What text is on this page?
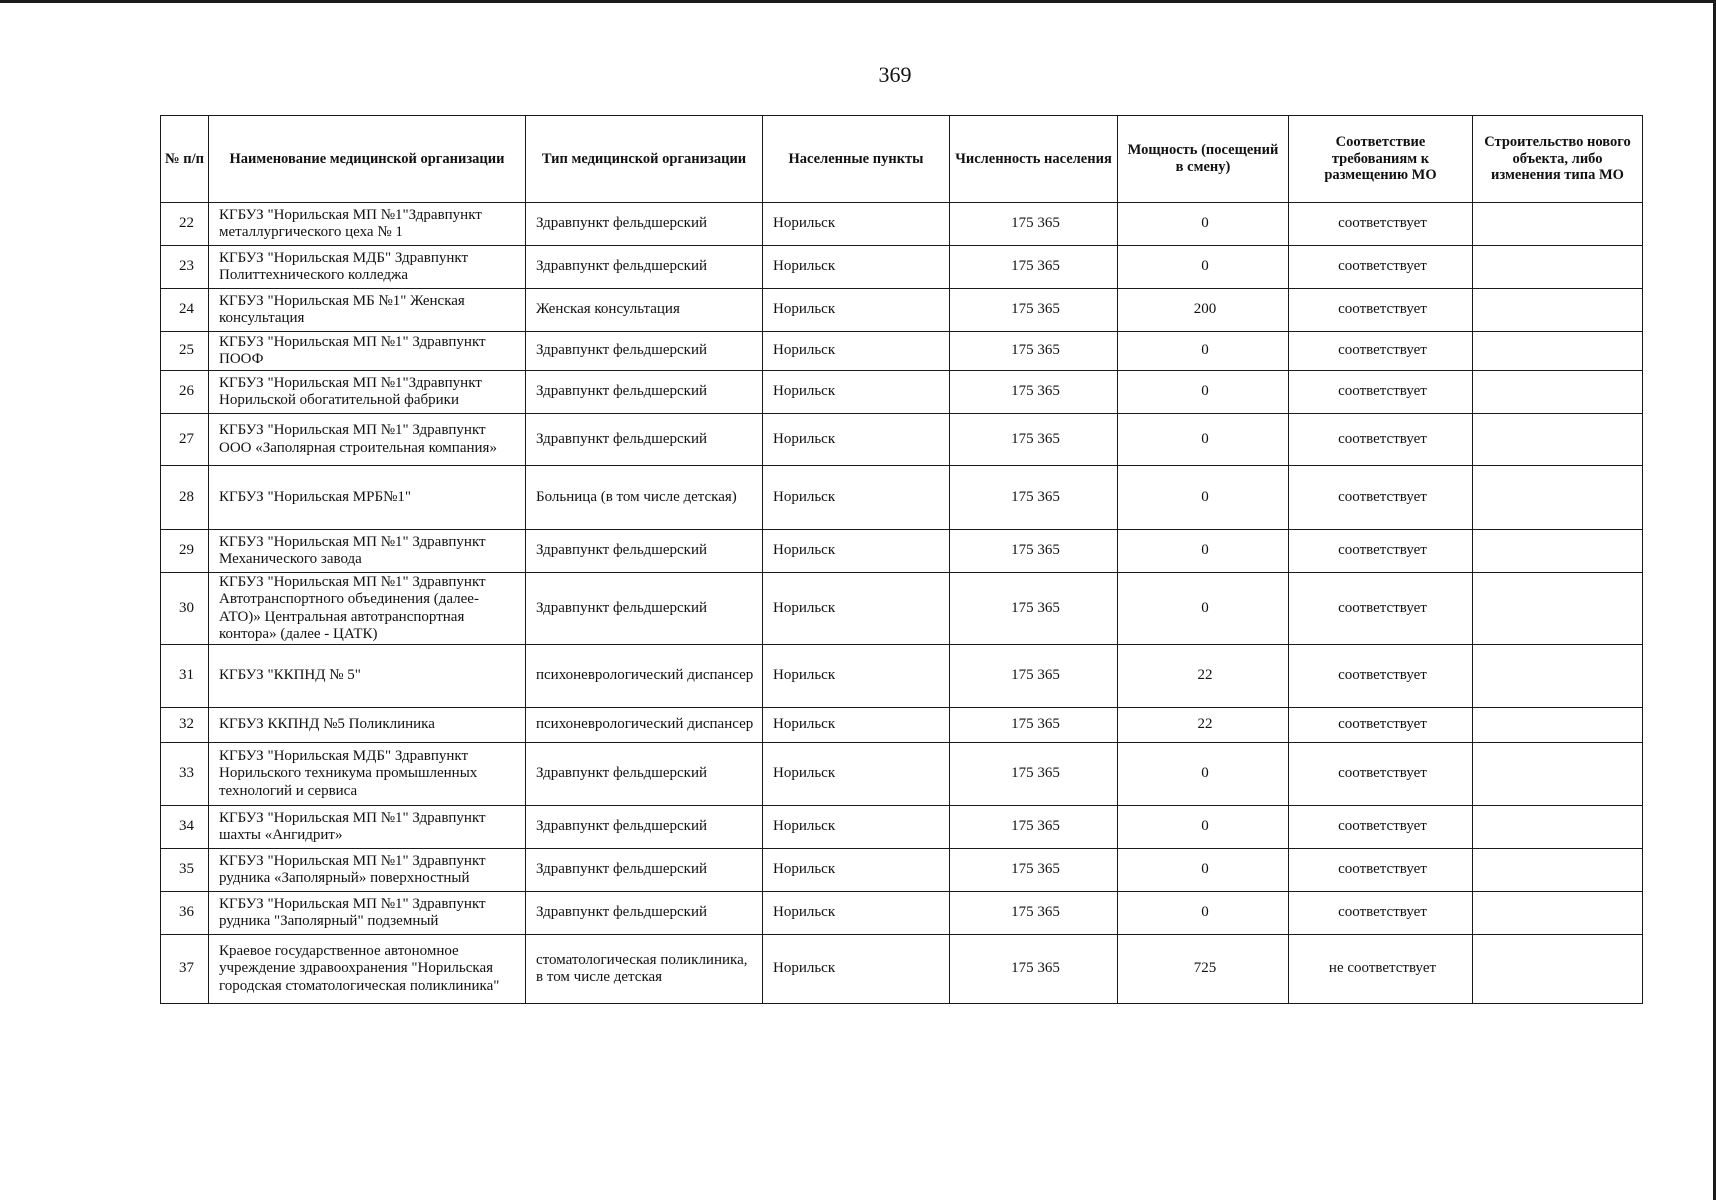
369
№ п/п	Наименование медицинской организации	Тип медицинской организации	Населенные пункты	Численность населения	Мощность (посещений в смену)	Соответствие требованиям к размещению МО	Строительство нового объекта, либо изменения типа МО
22	КГБУЗ "Норильская МП №1"Здравпункт металлургического цеха № 1	Здравпункт фельдшерский	Норильск	175 365	0	соответствует	
23	КГБУЗ "Норильская МДБ" Здравпункт Политтехнического колледжа	Здравпункт фельдшерский	Норильск	175 365	0	соответствует	
24	КГБУЗ "Норильская МБ №1" Женская консультация	Женская консультация	Норильск	175 365	200	соответствует	
25	КГБУЗ "Норильская МП №1" Здравпункт ПООФ	Здравпункт фельдшерский	Норильск	175 365	0	соответствует	
26	КГБУЗ "Норильская МП №1"Здравпункт Норильской обогатительной фабрики	Здравпункт фельдшерский	Норильск	175 365	0	соответствует	
27	КГБУЗ "Норильская МП №1" Здравпункт ООО «Заполярная строительная компания»	Здравпункт фельдшерский	Норильск	175 365	0	соответствует	
28	КГБУЗ "Норильская МРБ№1"	Больница (в том числе детская)	Норильск	175 365	0	соответствует	
29	КГБУЗ "Норильская МП №1" Здравпункт Механического завода	Здравпункт фельдшерский	Норильск	175 365	0	соответствует	
30	КГБУЗ "Норильская МП №1" Здравпункт Автотранспортного объединения (далее- АТО)» Центральная автотранспортная контора» (далее - ЦАТК)	Здравпункт фельдшерский	Норильск	175 365	0	соответствует	
31	КГБУЗ "ККПНД № 5"	психоневрологический диспансер	Норильск	175 365	22	соответствует	
32	КГБУЗ ККПНД №5 Поликлиника	психоневрологический диспансер	Норильск	175 365	22	соответствует	
33	КГБУЗ "Норильская МДБ" Здравпункт Норильского техникума промышленных технологий и сервиса	Здравпункт фельдшерский	Норильск	175 365	0	соответствует	
34	КГБУЗ "Норильская МП №1" Здравпункт шахты «Ангидрит»	Здравпункт фельдшерский	Норильск	175 365	0	соответствует	
35	КГБУЗ "Норильская МП №1" Здравпункт рудника «Заполярный» поверхностный	Здравпункт фельдшерский	Норильск	175 365	0	соответствует	
36	КГБУЗ "Норильская МП №1" Здравпункт рудника "Заполярный" подземный	Здравпункт фельдшерский	Норильск	175 365	0	соответствует	
37	Краевое государственное автономное учреждение здравоохранения "Норильская городская стоматологическая поликлиника"	стоматологическая поликлиника, в том числе детская	Норильск	175 365	725	не соответствует	
